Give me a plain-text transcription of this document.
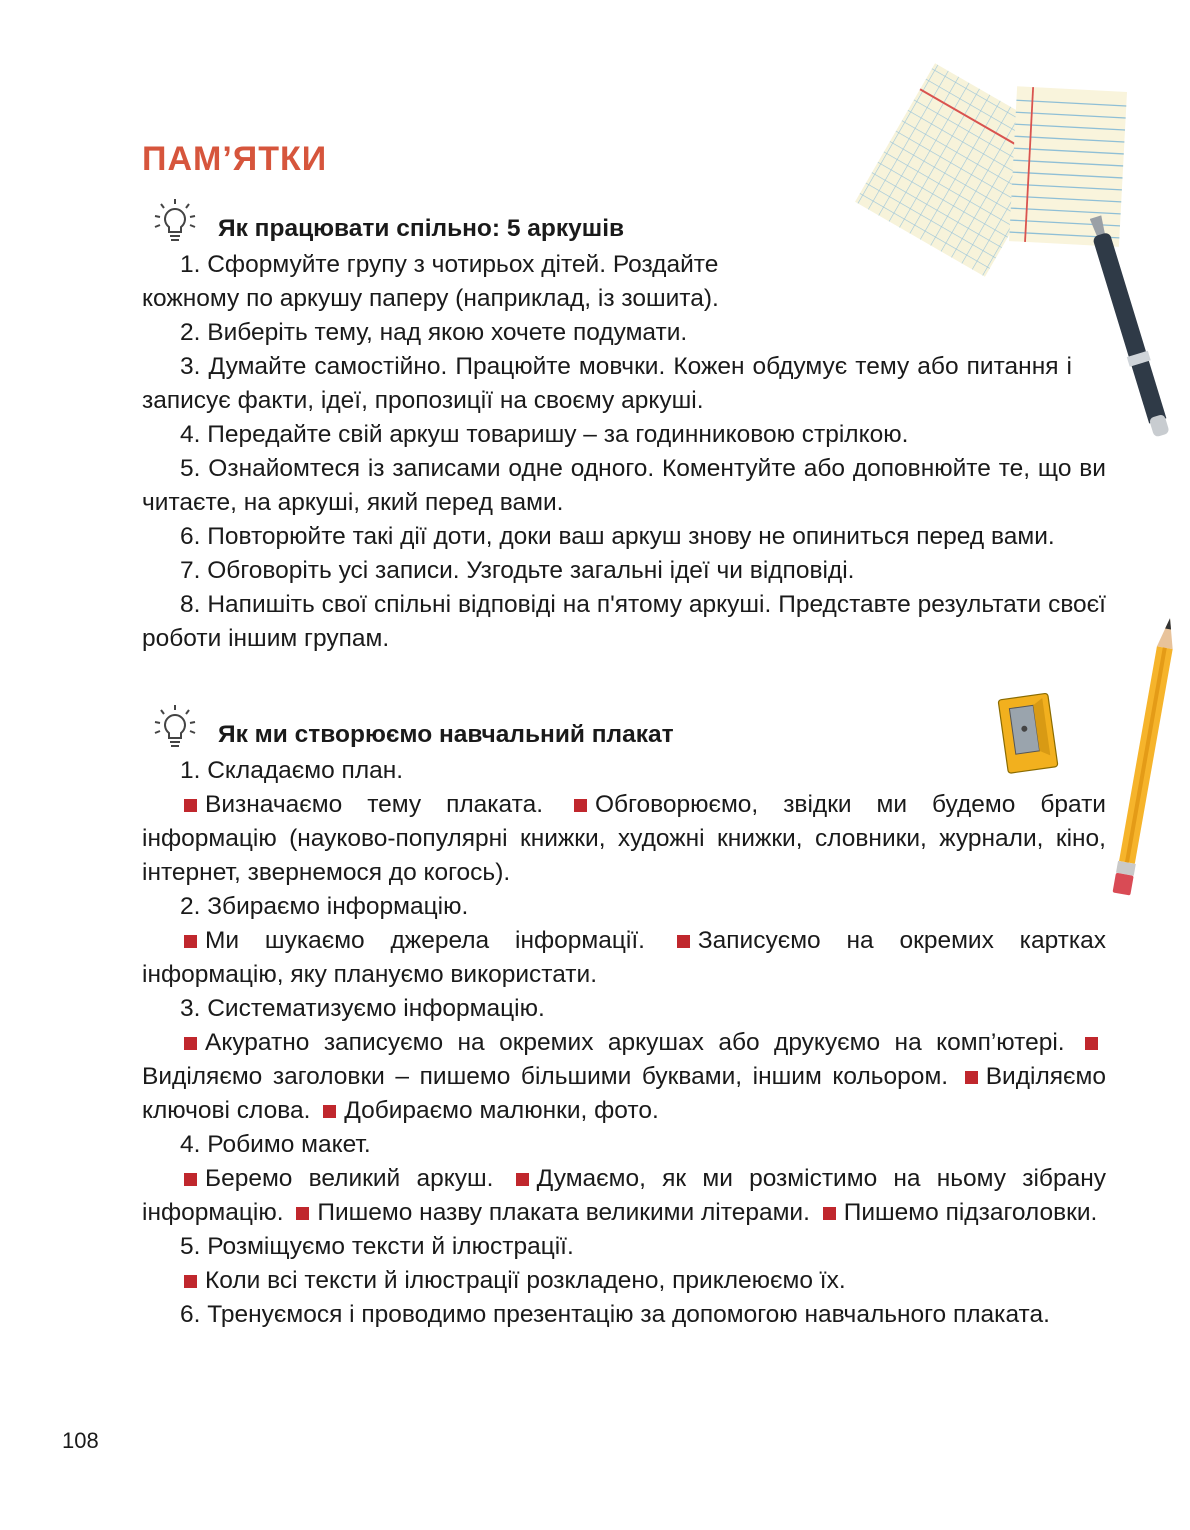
ПАМ’ЯТКИ
Як працювати спільно: 5 аркушів

1. Сформуйте групу з чотирьох дітей. Роздайте

кожному по аркушу паперу (наприклад, із зошита).

2. Виберіть тему, над якою хочете подумати.

3. Думайте самостійно. Працюйте мовчки. Кожен обдумує тему або питання і записує факти, ідеї, пропозиції на своєму аркуші.

4. Передайте свій аркуш товаришу – за годинниковою стрілкою.

5. Ознайомтеся із записами одне одного. Коментуйте або доповнюйте те, що ви читаєте, на аркуші, який перед вами.

6. Повторюйте такі дії доти, доки ваш аркуш знову не опиниться перед вами.

7. Обговоріть усі записи. Узгодьте загальні ідеї чи відповіді.

8. Напишіть свої спільні відповіді на п'ятому аркуші. Представте результати своєї роботи іншим групам.

Як ми створюємо навчальний плакат

1. Складаємо план.

Визначаємо тему плаката. Обговорюємо, звідки ми будемо брати інформацію (науково-популярні книжки, художні книжки, словники, журнали, кіно, інтернет, звернемося до когось).

2. Збираємо інформацію.

Ми шукаємо джерела інформації. Записуємо на окремих картках інформацію, яку плануємо використати.

3. Систематизуємо інформацію.

Акуратно записуємо на окремих аркушах або друкуємо на комп’ютері. Виділяємо заголовки – пишемо більшими буквами, іншим кольором. Виділяємо ключові слова. Добираємо малюнки, фото.

4. Робимо макет.

Беремо великий аркуш. Думаємо, як ми розмістимо на ньому зібрану інформацію. Пишемо назву плаката великими літерами. Пишемо підзаголовки.

5. Розміщуємо тексти й ілюстрації.

Коли всі тексти й ілюстрації розкладено, приклеюємо їх.

6. Тренуємося і проводимо презентацію за допомогою навчального плаката.

108
